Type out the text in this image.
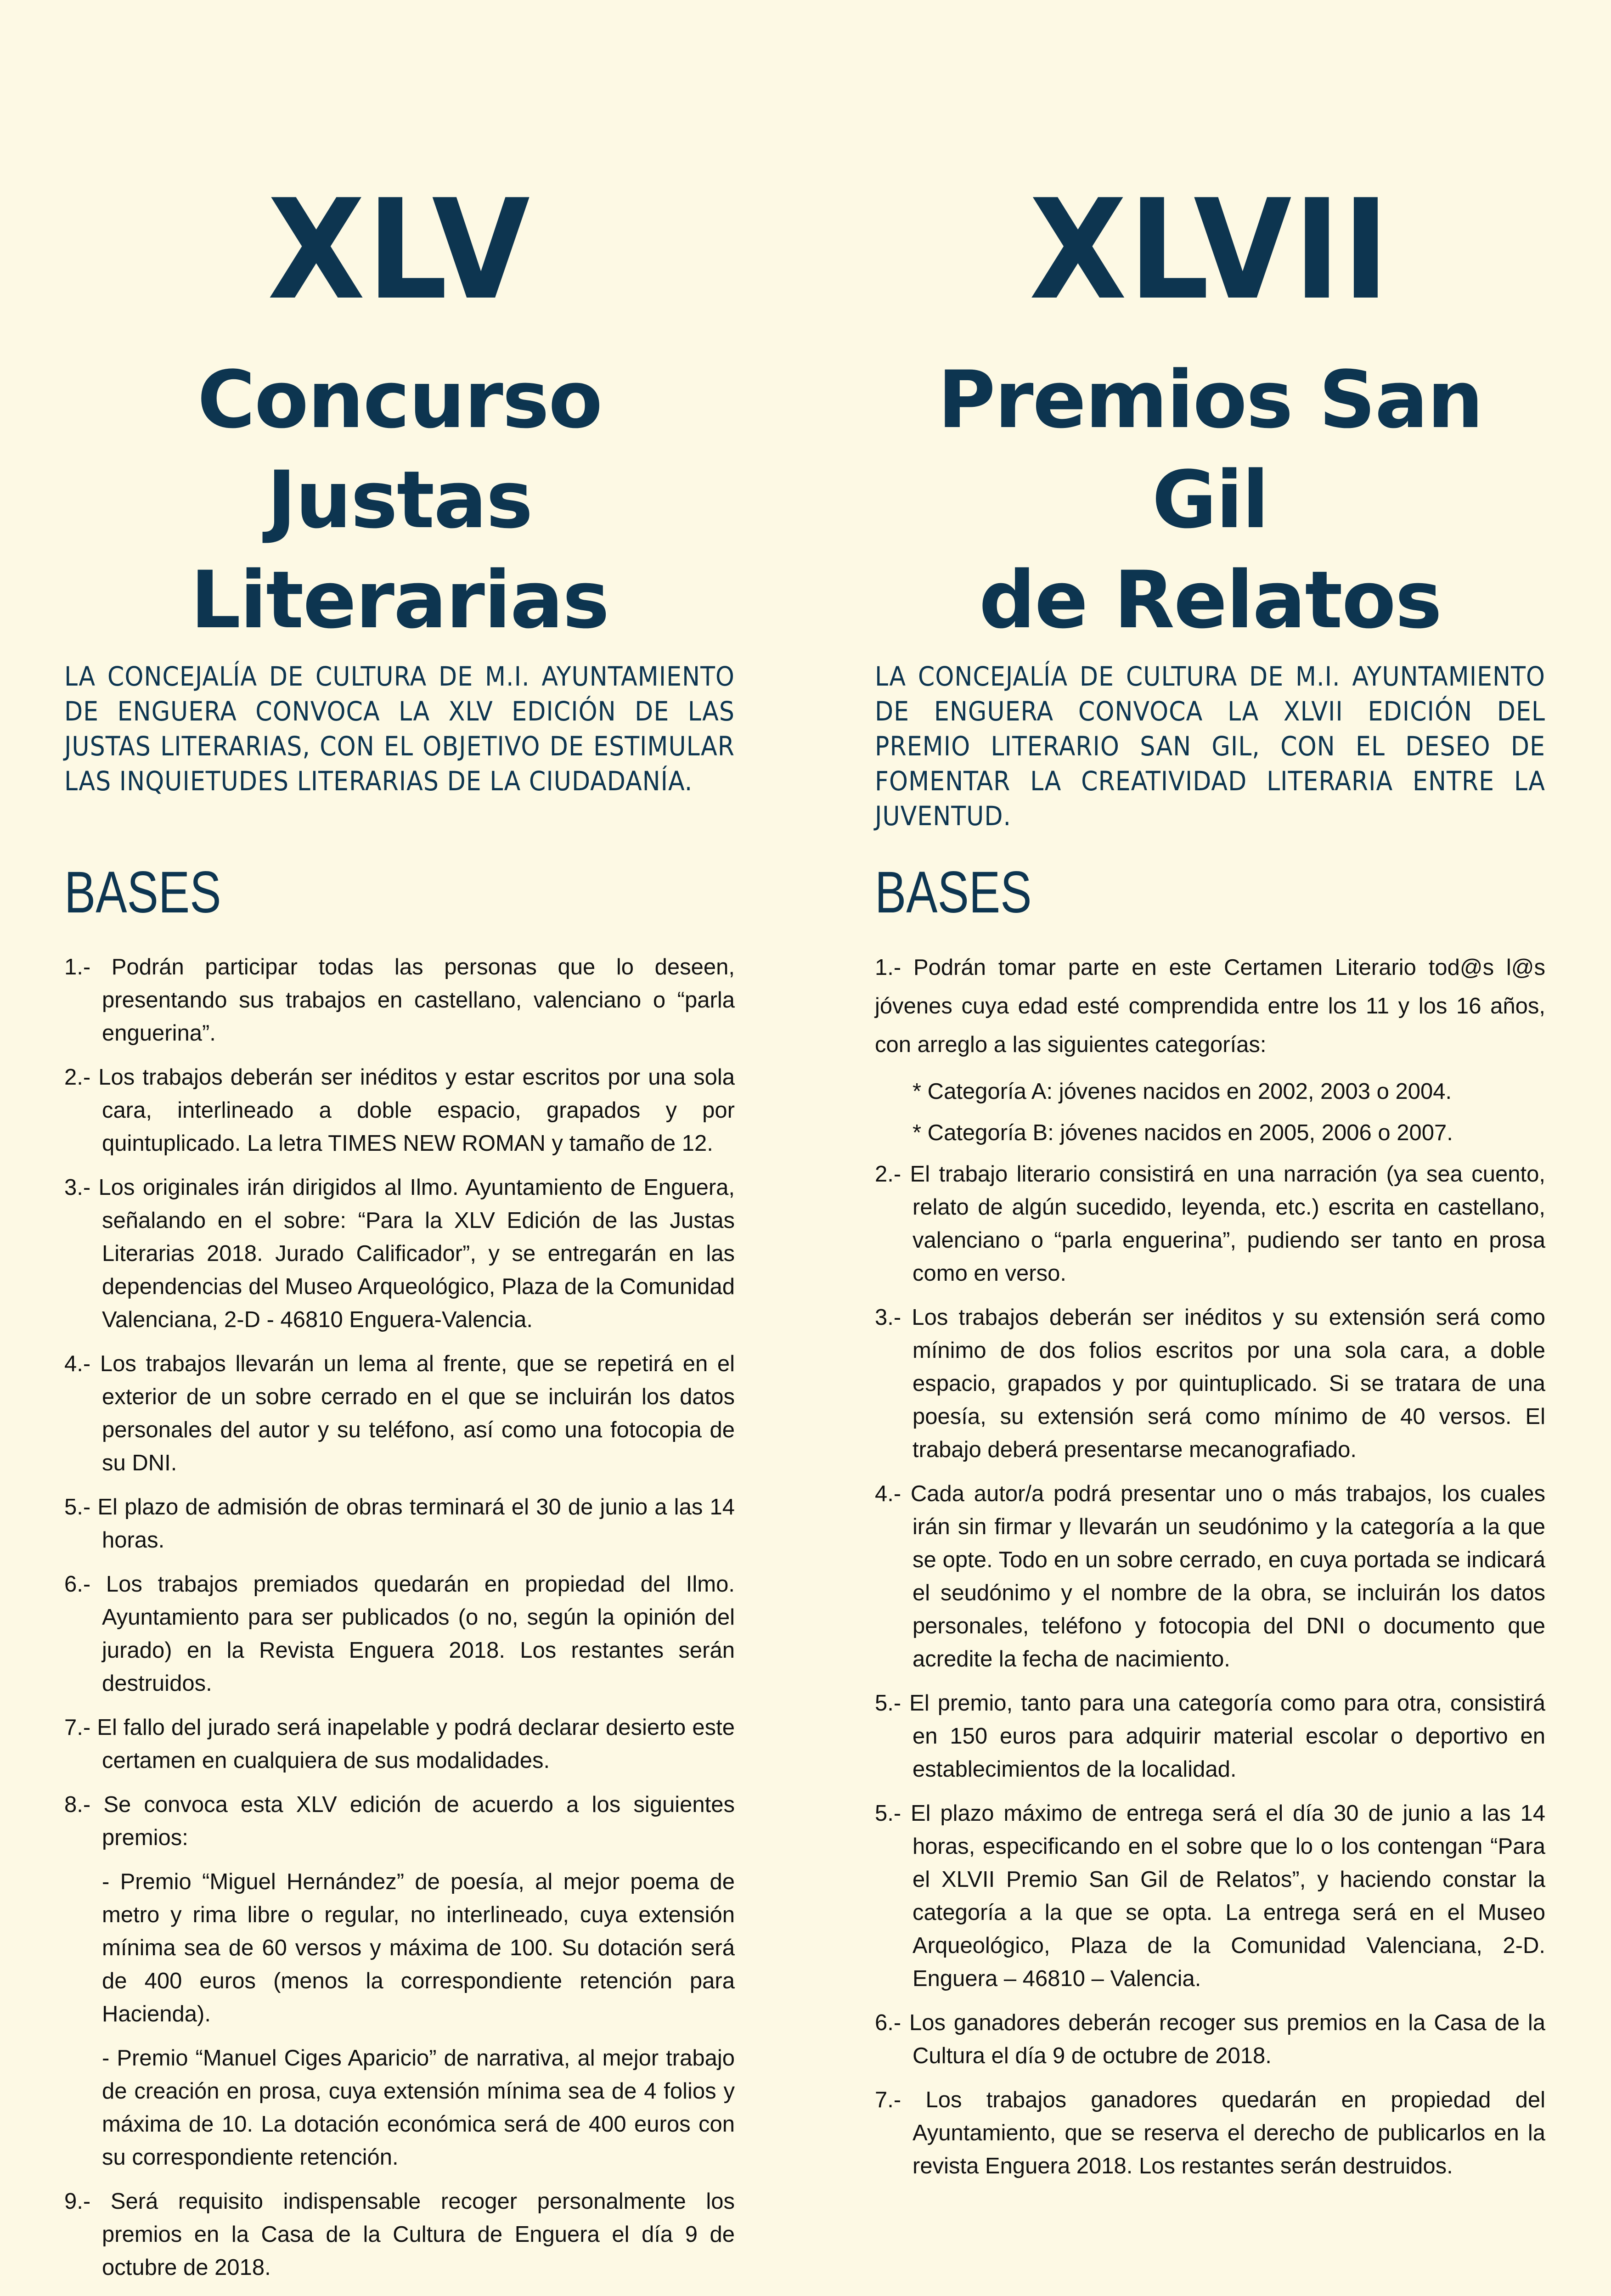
XLV
Concurso
Justas Literarias
LA CONCEJALÍA DE CULTURA DE M.I. AYUNTAMIENTO DE ENGUERA CONVOCA LA XLV EDICIÓN DE LAS JUSTAS LITERARIAS, CON EL OBJETIVO DE ESTIMULAR LAS INQUIETUDES LITERARIAS DE LA CIUDADANÍA.
BASES

1.- Podrán participar todas las personas que lo deseen, presentando sus trabajos en castellano, valenciano o “parla enguerina”.

2.- Los trabajos deberán ser inéditos y estar escritos por una sola cara, interlineado a doble espacio, grapados y por quintuplicado. La letra TIMES NEW ROMAN y tamaño de 12.

3.- Los originales irán dirigidos al Ilmo. Ayuntamiento de Enguera, señalando en el sobre: “Para la XLV Edición de las Justas Literarias 2018. Jurado Calificador”, y se entregarán en las dependencias del Museo Arqueológico, Plaza de la Comunidad Valenciana, 2-D - 46810 Enguera-Valencia.

4.- Los trabajos llevarán un lema al frente, que se repetirá en el exterior de un sobre cerrado en el que se incluirán los datos personales del autor y su teléfono, así como una fotocopia de su DNI.

5.- El plazo de admisión de obras terminará el 30 de junio a las 14 horas.

6.- Los trabajos premiados quedarán en propiedad del Ilmo. Ayuntamiento para ser publicados (o no, según la opinión del jurado) en la Revista Enguera 2018. Los restantes serán destruidos.

7.- El fallo del jurado será inapelable y podrá declarar desierto este certamen en cualquiera de sus modalidades.

8.- Se convoca esta XLV edición de acuerdo a los siguientes premios:

- Premio “Miguel Hernández” de poesía, al mejor poema de metro y rima libre o regular, no interlineado, cuya extensión mínima sea de 60 versos y máxima de 100. Su dotación será de 400 euros (menos la correspondiente retención para Hacienda).

- Premio “Manuel Ciges Aparicio” de narrativa, al mejor trabajo de creación en prosa, cuya extensión mínima sea de 4 folios y máxima de 10. La dotación económica será de 400 euros con su correspondiente retención.

9.- Será requisito indispensable recoger personalmente los premios en la Casa de la Cultura de Enguera el día 9 de octubre de 2018.

XLVII
Premios San Gil
de Relatos
LA CONCEJALÍA DE CULTURA DE M.I. AYUNTAMIENTO DE ENGUERA CONVOCA LA XLVII EDICIÓN DEL PREMIO LITERARIO SAN GIL, CON EL DESEO DE FOMENTAR LA CREATIVIDAD LITERARIA ENTRE LA JUVENTUD.
BASES

1.- Podrán tomar parte en este Certamen Literario tod@s l@s jóvenes cuya edad esté comprendida entre los 11 y los 16 años, con arreglo a las siguientes categorías:

* Categoría A: jóvenes nacidos en 2002, 2003 o 2004.

* Categoría B: jóvenes nacidos en 2005, 2006 o 2007.

2.- El trabajo literario consistirá en una narración (ya sea cuento, relato de algún sucedido, leyenda, etc.) escrita en castellano, valenciano o “parla enguerina”, pudiendo ser tanto en prosa como en verso.

3.- Los trabajos deberán ser inéditos y su extensión será como mínimo de dos folios escritos por una sola cara, a doble espacio, grapados y por quintuplicado. Si se tratara de una poesía, su extensión será como mínimo de 40 versos. El trabajo deberá presentarse mecanografiado.

4.- Cada autor/a podrá presentar uno o más trabajos, los cuales irán sin firmar y llevarán un seudónimo y la categoría a la que se opte. Todo en un sobre cerrado, en cuya portada se indicará el seudónimo y el nombre de la obra, se incluirán los datos personales, teléfono y fotocopia del DNI o documento que acredite la fecha de nacimiento.

5.- El premio, tanto para una categoría como para otra, consistirá en 150 euros para adquirir material escolar o deportivo en establecimientos de la localidad.

5.- El plazo máximo de entrega será el día 30 de junio a las 14 horas, especificando en el sobre que lo o los contengan “Para el XLVII Premio San Gil de Relatos”, y haciendo constar la categoría a la que se opta. La entrega será en el Museo Arqueológico, Plaza de la Comunidad Valenciana, 2-D. Enguera – 46810 – Valencia.

6.- Los ganadores deberán recoger sus premios en la Casa de la Cultura el día 9 de octubre de 2018.

7.- Los trabajos ganadores quedarán en propiedad del Ayuntamiento, que se reserva el derecho de publicarlos en la revista Enguera 2018. Los restantes serán destruidos.
